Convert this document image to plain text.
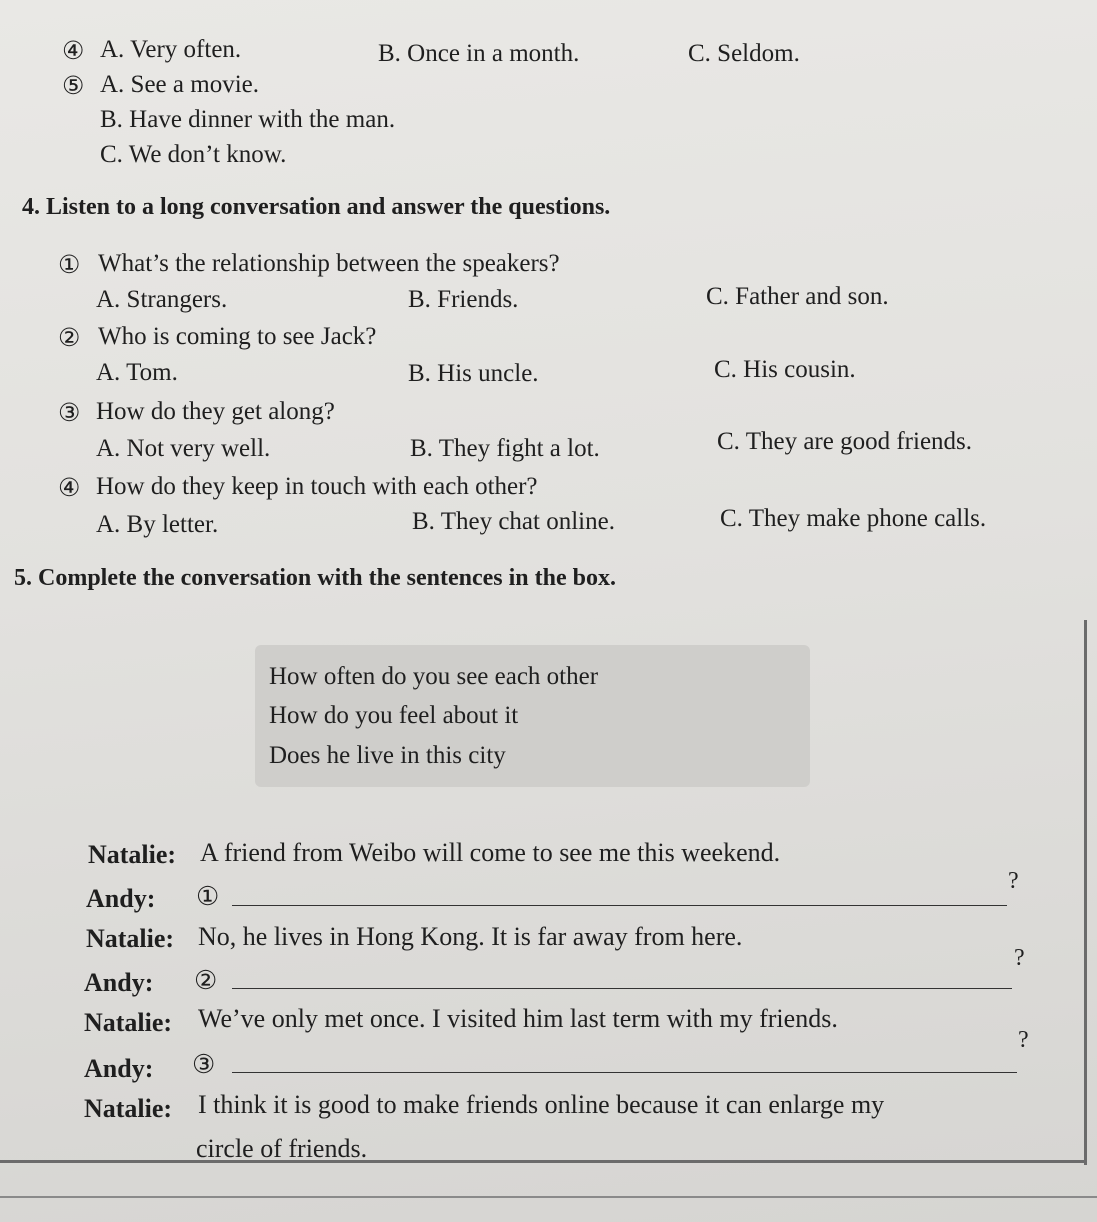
④ A. Very often.	B. Once in a month.	C. Seldom.
⑤ A. See a movie.
B. Have dinner with the man.
C. We don’t know.
4. Listen to a long conversation and answer the questions.
① What’s the relationship between the speakers?
A. Strangers.	B. Friends.	C. Father and son.
② Who is coming to see Jack?
A. Tom.	B. His uncle.	C. His cousin.
③ How do they get along?
A. Not very well.	B. They fight a lot.	C. They are good friends.
④ How do they keep in touch with each other?
A. By letter.	B. They chat online.	C. They make phone calls.
5. Complete the conversation with the sentences in the box.
How often do you see each other
How do you feel about it
Does he live in this city
Natalie: A friend from Weibo will come to see me this weekend.
Andy: ①
?
Natalie: No, he lives in Hong Kong. It is far away from here.
Andy: ②
?
Natalie: We’ve only met once. I visited him last term with my friends.
Andy: ③
?
Natalie: I think it is good to make friends online because it can enlarge my
circle of friends.
